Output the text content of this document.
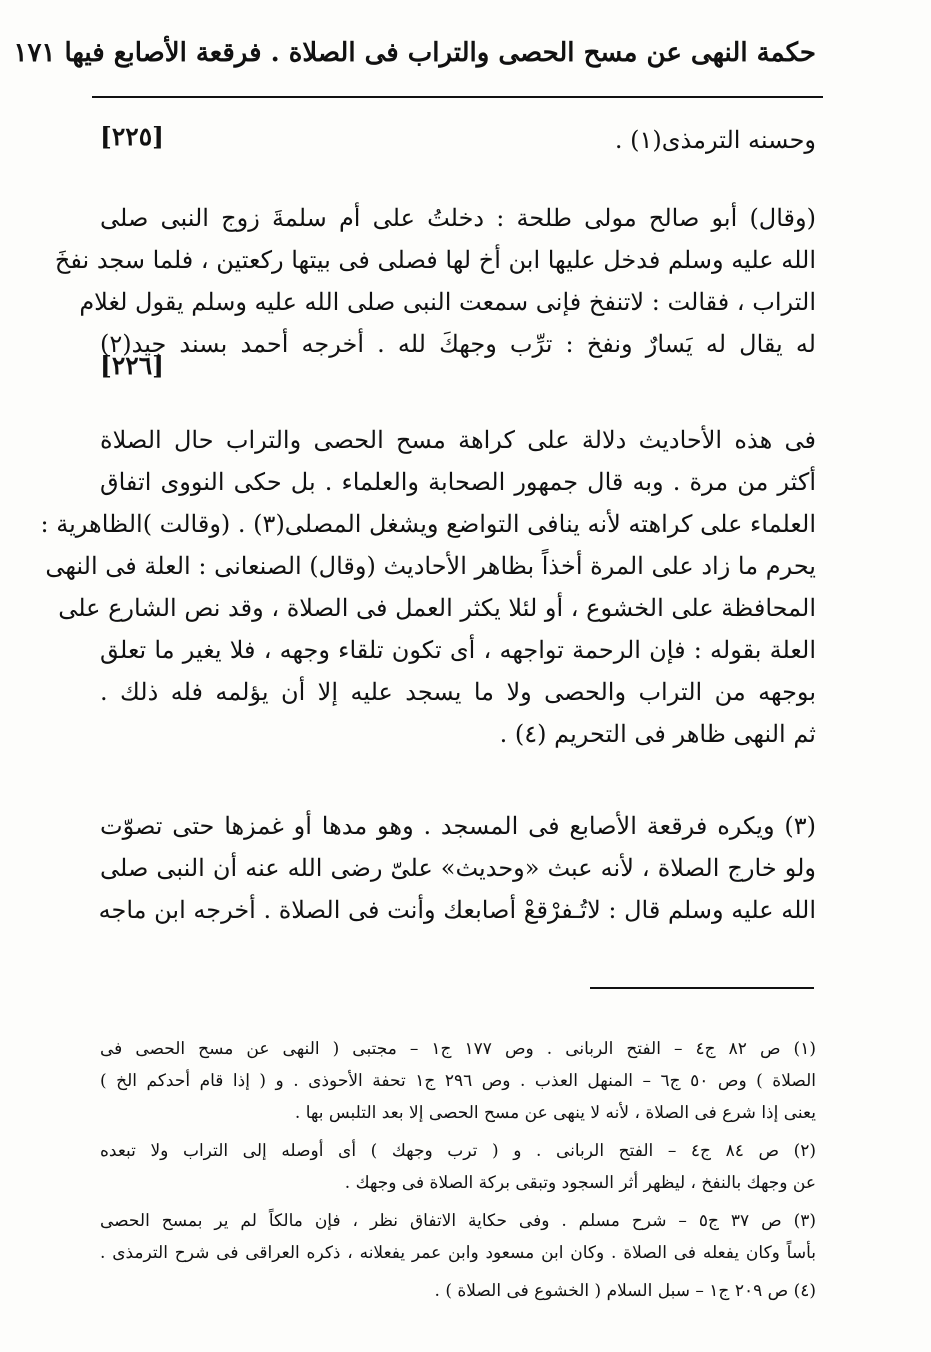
حكمة النهى عن مسح الحصى والتراب فى الصلاة . فرقعة الأصابع فيها ١٧١
وحسنه الترمذى(١) .
[٢٢٥]
(وقال) أبو صالح مولى طلحة : دخلتُ على أم سلمةَ زوج النبى صلى
الله عليه وسلم فدخل عليها ابن أخ لها فصلى فى بيتها ركعتين ، فلما سجد نفخَ
التراب ، فقالت : لاتنفخ فإنى سمعت النبى صلى الله عليه وسلم يقول لغلام
له يقال له يَسارٌ ونفخ : ترِّب وجهكَ لله . أخرجه أحمد بسند جيد(٢)
[٢٢٦]
فى هذه الأحاديث دلالة على كراهة مسح الحصى والتراب حال الصلاة
أكثر من مرة . وبه قال جمهور الصحابة والعلماء . بل حكى النووى اتفاق
العلماء على كراهته لأنه ينافى التواضع ويشغل المصلى(٣) . (وقالت )الظاهرية :
يحرم ما زاد على المرة أخذاً بظاهر الأحاديث (وقال) الصنعانى : العلة فى النهى
المحافظة على الخشوع ، أو لئلا يكثر العمل فى الصلاة ، وقد نص الشارع على
العلة بقوله : فإن الرحمة تواجهه ، أى تكون تلقاء وجهه ، فلا يغير ما تعلق
بوجهه من التراب والحصى ولا ما يسجد عليه إلا أن يؤلمه فله ذلك .
ثم النهى ظاهر فى التحريم (٤) .
(٣) ويكره فرقعة الأصابع فى المسجد . وهو مدها أو غمزها حتى تصوّت
ولو خارج الصلاة ، لأنه عبث «وحديث» علىّ رضى الله عنه أن النبى صلى
الله عليه وسلم قال : لاتُـفرْقعْ أصابعك وأنت فى الصلاة . أخرجه ابن ماجه
(١) ص ٨٢ ج٤ – الفتح الربانى . وص ١٧٧ ج١ – مجتبى ( النهى عن مسح الحصى فى
الصلاة ) وص ٥٠ ج٦ – المنهل العذب . وص ٢٩٦ ج١ تحفة الأحوذى . و ( إذا قام أحدكم الخ )
يعنى إذا شرع فى الصلاة ، لأنه لا ينهى عن مسح الحصى إلا بعد التلبس بها .
(٢) ص ٨٤ ج٤ – الفتح الربانى . و ( ترب وجهك ) أى أوصله إلى التراب ولا تبعده
عن وجهك بالنفخ ، ليظهر أثر السجود وتبقى بركة الصلاة فى وجهك .
(٣) ص ٣٧ ج٥ – شرح مسلم . وفى حكاية الاتفاق نظر ، فإن مالكاً لم ير بمسح الحصى
بأساً وكان يفعله فى الصلاة . وكان ابن مسعود وابن عمر يفعلانه ، ذكره العراقى فى شرح الترمذى .
(٤) ص ٢٠٩ ج١ – سبل السلام ( الخشوع فى الصلاة ) .
